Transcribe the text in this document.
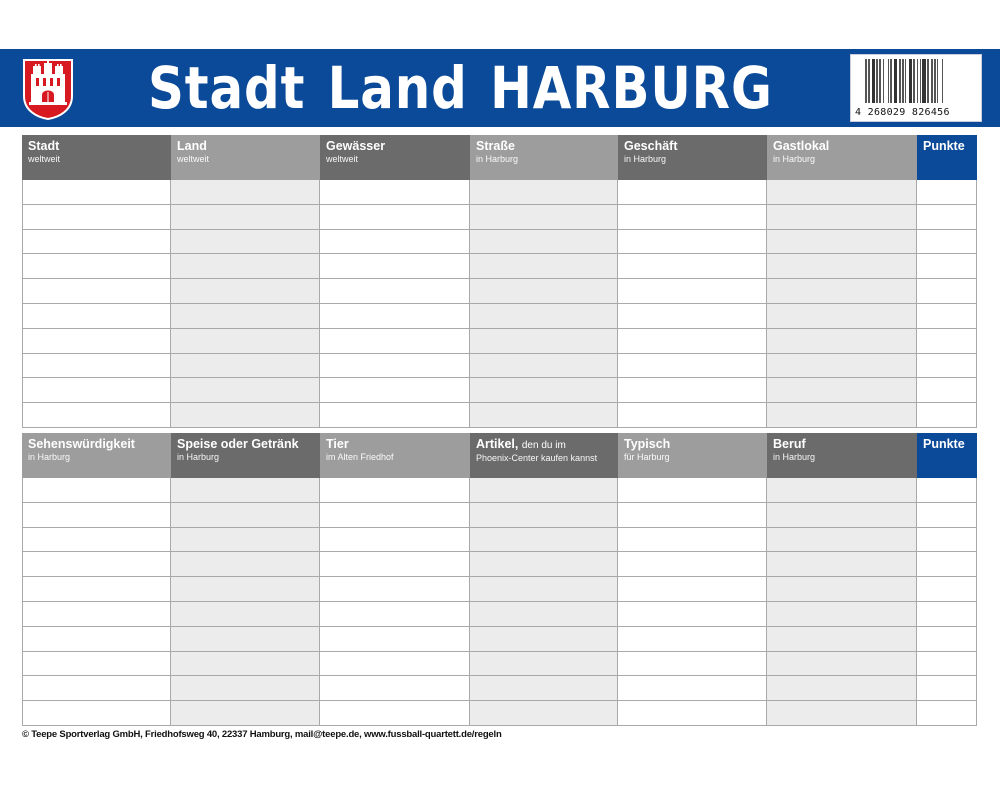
Stadt Land HARBURG	4 268029 826456
Stadt
weltweit
Land
weltweit
Gewässer
weltweit
Straße
in Harburg
Geschäft
in Harburg
Gastlokal
in Harburg
Punkte
Sehenswürdigkeit
in Harburg
Speise oder Getränk
in Harburg
Tier
im Alten Friedhof
Artikel, den du im
Phoenix-Center kaufen kannst
Typisch
für Harburg
Beruf
in Harburg
Punkte
© Teepe Sportverlag GmbH, Friedhofsweg 40, 22337 Hamburg, mail@teepe.de, www.fussball-quartett.de/regeln
